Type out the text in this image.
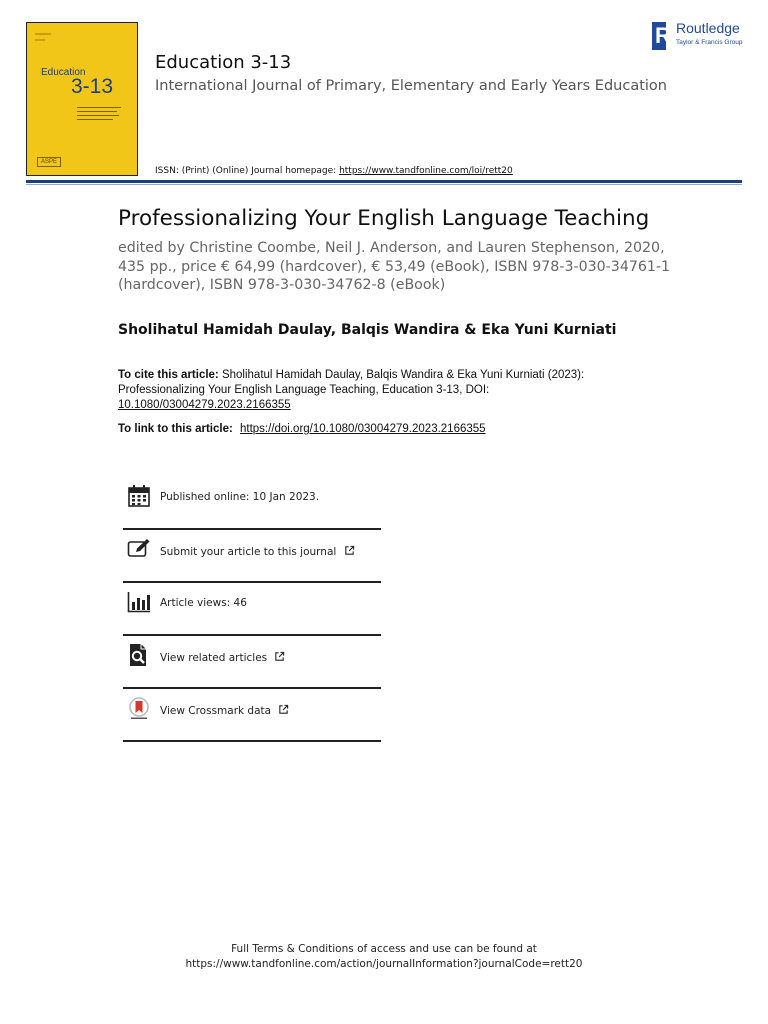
Education
3-13
ASPE
Education 3-13
International Journal of Primary, Elementary and Early Years Education
ISSN: (Print) (Online) Journal homepage: https://www.tandfonline.com/loi/rett20
R Routledge
Taylor & Francis Group
Professionalizing Your English Language Teaching
edited by Christine Coombe, Neil J. Anderson, and Lauren Stephenson, 2020,
435 pp., price € 64,99 (hardcover), € 53,49 (eBook), ISBN 978-3-030-34761-1
(hardcover), ISBN 978-3-030-34762-8 (eBook)
Sholihatul Hamidah Daulay, Balqis Wandira & Eka Yuni Kurniati
To cite this article: Sholihatul Hamidah Daulay, Balqis Wandira & Eka Yuni Kurniati (2023): Professionalizing Your English Language Teaching, Education 3-13, DOI: 10.1080/03004279.2023.2166355
To link to this article: https://doi.org/10.1080/03004279.2023.2166355
Published online: 10 Jan 2023.
Submit your article to this journal
Article views: 46
View related articles
View Crossmark data
Full Terms & Conditions of access and use can be found at
https://www.tandfonline.com/action/journalInformation?journalCode=rett20
